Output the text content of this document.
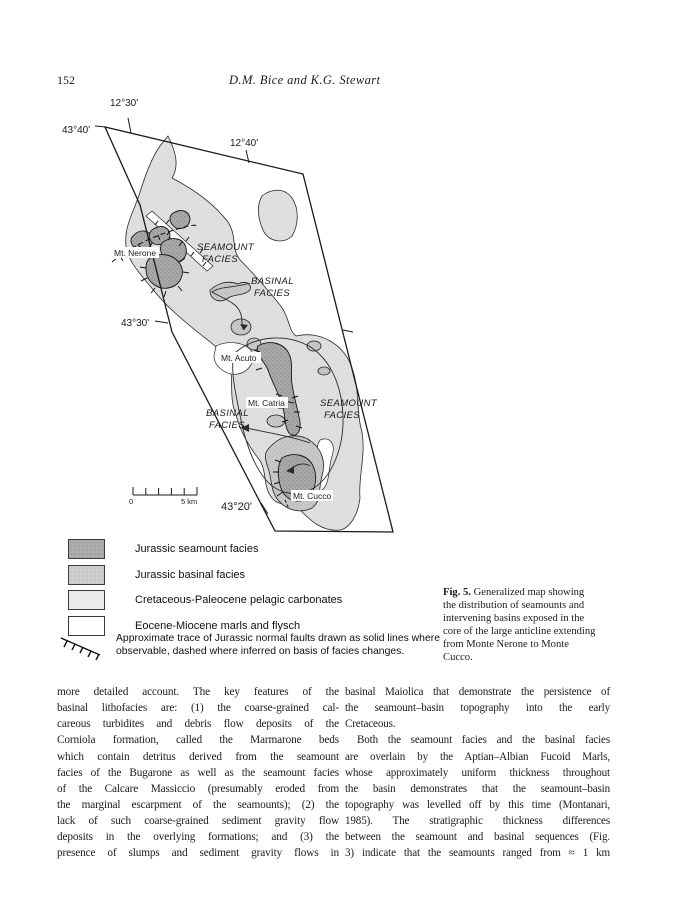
152	D.M. Bice and K.G. Stewart
12°30'
43°40'
12°40'
43°30'
43°20'
SEAMOUNT
FACIES
BASINAL
FACIES
BASINAL
FACIES
SEAMOUNT
FACIES
Mt. Nerone
Mt. Acuto
Mt. Catria
Mt. Cucco
0	5 km
Jurassic seamount facies
Jurassic basinal facies
Cretaceous-Paleocene pelagic carbonates
Eocene-Miocene marls and flysch
Approximate trace of Jurassic normal faults drawn as solid lines where
observable, dashed where inferred on basis of facies changes.
Fig. 5. Generalized map showing
the distribution of seamounts and
intervening basins exposed in the
core of the large anticline extending
from Monte Nerone to Monte
Cucco.
more detailed account. The key features of the
basinal lithofacies are: (1) the coarse-grained cal-
careous turbidites and debris flow deposits of the
Corniola formation, called the Marmarone beds
which contain detritus derived from the seamount
facies of the Bugarone as well as the seamount facies
of the Calcare Massiccio (presumably eroded from
the marginal escarpment of the seamounts); (2) the
lack of such coarse-grained sediment gravity flow
deposits in the overlying formations; and (3) the
presence of slumps and sediment gravity flows in
basinal Maiolica that demonstrate the persistence of
the seamount–basin topography into the early
Cretaceous.
Both the seamount facies and the basinal facies
are overlain by the Aptian–Albian Fucoid Marls,
whose approximately uniform thickness throughout
the basin demonstrates that the seamount–basin
topography was levelled off by this time (Montanari,
1985). The stratigraphic thickness differences
between the seamount and basinal sequences (Fig.
3) indicate that the seamounts ranged from ≈ 1 km
